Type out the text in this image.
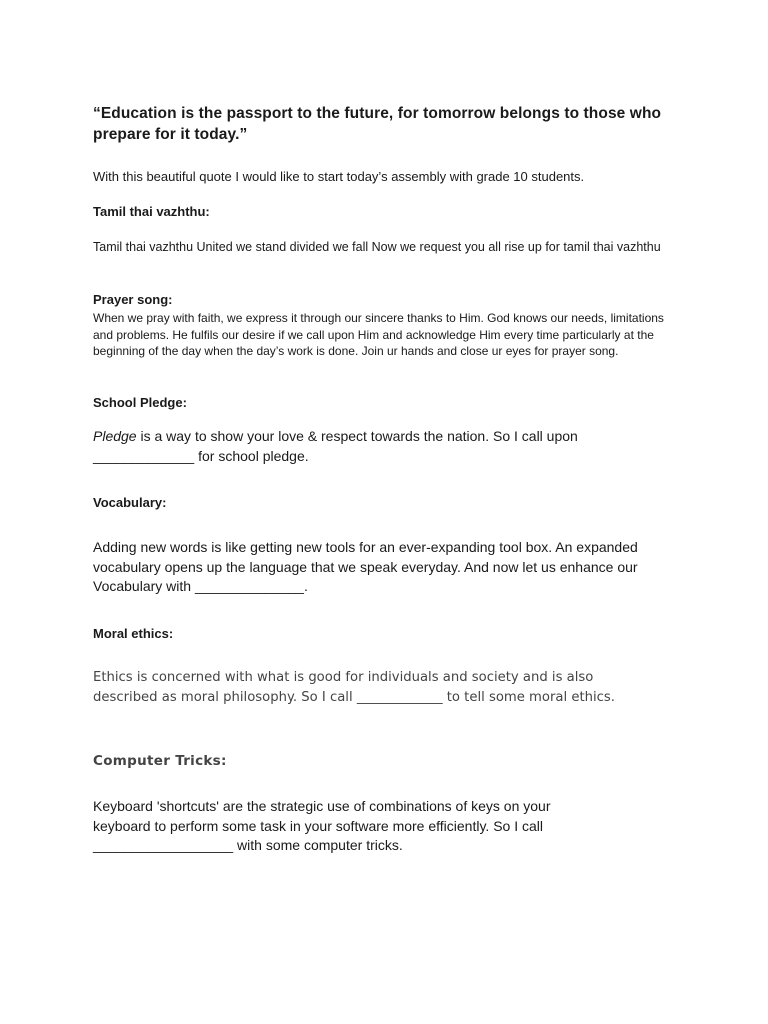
“Education is the passport to the future, for tomorrow belongs to those who prepare for it today.”

With this beautiful quote I would like to start today’s assembly with grade 10 students.

Tamil thai vazhthu:

Tamil thai vazhthu United we stand divided we fall Now we request you all rise up for tamil thai vazhthu

Prayer song:

When we pray with faith, we express it through our sincere thanks to Him. God knows our needs, limitations and problems. He fulfils our desire if we call upon Him and acknowledge Him every time particularly at the beginning of the day when the day’s work is done. Join ur hands and close ur eyes for prayer song.

School Pledge:

Pledge is a way to show your love & respect towards the nation. So I call upon _____________ for school pledge.

Vocabulary:

Adding new words is like getting new tools for an ever-expanding tool box. An expanded vocabulary opens up the language that we speak everyday. And now let us enhance our Vocabulary with ______________.

Moral ethics:

Ethics is concerned with what is good for individuals and society and is also described as moral philosophy. So I call _____________ to tell some moral ethics.

Computer Tricks:

Keyboard 'shortcuts' are the strategic use of combinations of keys on your keyboard to perform some task in your software more efficiently. So I call __________________ with some computer tricks.
